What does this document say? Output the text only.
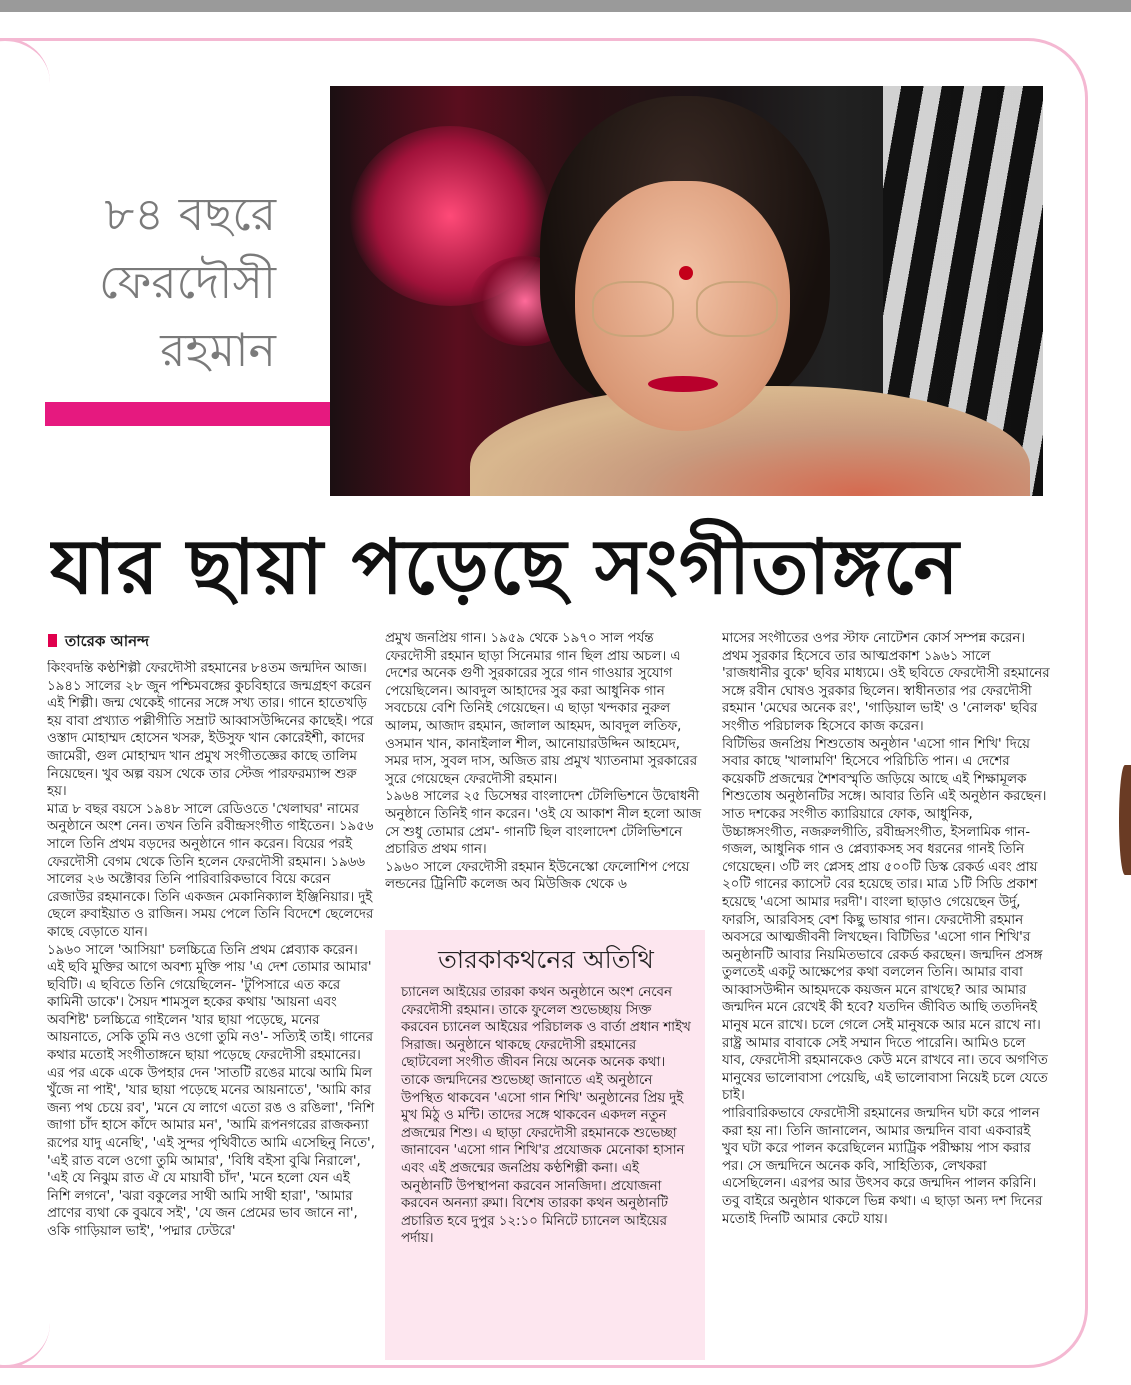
৮৪ বছরে
ফেরদৌসী
রহমান
যার ছায়া পড়েছে সংগীতাঙ্গনে
তারেক আনন্দ

কিংবদন্তি কণ্ঠশিল্পী ফেরদৌসী রহমানের ৮৪তম জন্মদিন আজ। ১৯৪১ সালের ২৮ জুন পশ্চিমবঙ্গের কুচবিহারে জন্মগ্রহণ করেন এই শিল্পী। জন্ম থেকেই গানের সঙ্গে সখ্য তার। গানে হাতেখড়ি হয় বাবা প্রখ্যাত পল্লীগীতি সম্রাট আব্বাসউদ্দিনের কাছেই। পরে ওস্তাদ মোহাম্মদ হোসেন খসরু, ইউসুফ খান কোরেইশী, কাদের জামেরী, গুল মোহাম্মদ খান প্রমুখ সংগীতজ্ঞের কাছে তালিম নিয়েছেন। খুব অল্প বয়স থেকে তার স্টেজ পারফরম্যান্স শুরু হয়।

মাত্র ৮ বছর বয়সে ১৯৪৮ সালে রেডিওতে 'খেলাঘর' নামের অনুষ্ঠানে অংশ নেন। তখন তিনি রবীন্দ্রসংগীত গাইতেন। ১৯৫৬ সালে তিনি প্রথম বড়দের অনুষ্ঠানে গান করেন। বিয়ের পরই ফেরদৌসী বেগম থেকে তিনি হলেন ফেরদৌসী রহমান। ১৯৬৬ সালের ২৬ অক্টোবর তিনি পারিবারিকভাবে বিয়ে করেন রেজাউর রহমানকে। তিনি একজন মেকানিক্যাল ইঞ্জিনিয়ার। দুই ছেলে রুবাইয়াত ও রাজিন। সময় পেলে তিনি বিদেশে ছেলেদের কাছে বেড়াতে যান।

১৯৬০ সালে 'আসিয়া' চলচ্চিত্রে তিনি প্রথম প্লেব্যাক করেন। এই ছবি মুক্তির আগে অবশ্য মুক্তি পায় 'এ দেশ তোমার আমার' ছবিটি। এ ছবিতে তিনি গেয়েছিলেন- 'টুপিসারে এত করে কামিনী ডাকে'। সৈয়দ শামসুল হকের কথায় 'আয়না এবং অবশিষ্ট' চলচ্চিত্রে গাইলেন 'যার ছায়া পড়েছে, মনের আয়নাতে, সেকি তুমি নও ওগো তুমি নও'- সত্যিই তাই। গানের কথার মতোই সংগীতাঙ্গনে ছায়া পড়েছে ফেরদৌসী রহমানের। এর পর একে একে উপহার দেন 'সাতটি রঙের মাঝে আমি মিল খুঁজে না পাই', 'যার ছায়া পড়েছে মনের আয়নাতে', 'আমি কার জন্য পথ চেয়ে রব', 'মনে যে লাগে এতো রঙ ও রঙিলা', 'নিশি জাগা চাঁদ হাসে কাঁদে আমার মন', 'আমি রূপনগরের রাজকন্যা রূপের যাদু এনেছি', 'এই সুন্দর পৃথিবীতে আমি এসেছিনু নিতে', 'এই রাত বলে ওগো তুমি আমার', 'বিধি বইসা বুঝি নিরালে', 'এই যে নিঝুম রাত ঐ যে মায়াবী চাঁদ', 'মনে হলো যেন এই নিশি লগনে', 'ঝরা বকুলের সাথী আমি সাথী হারা', 'আমার প্রাণের ব্যথা কে বুঝবে সই', 'যে জন প্রেমের ভাব জানে না', ওকি গাড়িয়াল ভাই', 'পদ্মার ঢেউরে'

প্রমুখ জনপ্রিয় গান। ১৯৫৯ থেকে ১৯৭০ সাল পর্যন্ত ফেরদৌসী রহমান ছাড়া সিনেমার গান ছিল প্রায় অচল। এ দেশের অনেক গুণী সুরকারের সুরে গান গাওয়ার সুযোগ পেয়েছিলেন। আবদুল আহাদের সুর করা আধুনিক গান সবচেয়ে বেশি তিনিই গেয়েছেন। এ ছাড়া খন্দকার নুরুল আলম, আজাদ রহমান, জালাল আহমদ, আবদুল লতিফ, ওসমান খান, কানাইলাল শীল, আনোয়ারউদ্দিন আহমেদ, সমর দাস, সুবল দাস, অজিত রায় প্রমুখ খ্যাতনামা সুরকারের সুরে গেয়েছেন ফেরদৌসী রহমান।

১৯৬৪ সালের ২৫ ডিসেম্বর বাংলাদেশ টেলিভিশনে উদ্বোধনী অনুষ্ঠানে তিনিই গান করেন। 'ওই যে আকাশ নীল হলো আজ সে শুধু তোমার প্রেম'- গানটি ছিল বাংলাদেশ টেলিভিশনে প্রচারিত প্রথম গান।

১৯৬০ সালে ফেরদৌসী রহমান ইউনেস্কো ফেলোশিপ পেয়ে লন্ডনের ট্রিনিটি কলেজ অব মিউজিক থেকে ৬

তারকাকথনের অতিথি
চ্যানেল আইয়ের তারকা কথন অনুষ্ঠানে অংশ নেবেন ফেরদৌসী রহমান। তাকে ফুলেল শুভেচ্ছায় সিক্ত করবেন চ্যানেল আইয়ের পরিচালক ও বার্তা প্রধান শাইখ সিরাজ। অনুষ্ঠানে থাকছে ফেরদৌসী রহমানের ছোটবেলা সংগীত জীবন নিয়ে অনেক অনেক কথা। তাকে জন্মদিনের শুভেচ্ছা জানাতে এই অনুষ্ঠানে উপস্থিত থাকবেন 'এসো গান শিখি' অনুষ্ঠানের প্রিয় দুই মুখ মিঠু ও মন্টি। তাদের সঙ্গে থাকবেন একদল নতুন প্রজন্মের শিশু। এ ছাড়া ফেরদৌসী রহমানকে শুভেচ্ছা জানাবেন 'এসো গান শিখি'র প্রযোজক মেনোকা হাসান এবং এই প্রজন্মের জনপ্রিয় কণ্ঠশিল্পী কনা। এই অনুষ্ঠানটি উপস্থাপনা করবেন সানজিদা। প্রযোজনা করবেন অনন্যা রুমা। বিশেষ তারকা কথন অনুষ্ঠানটি প্রচারিত হবে দুপুর ১২:১০ মিনিটে চ্যানেল আইয়ের পর্দায়।

মাসের সংগীতের ওপর স্টাফ নোটেশন কোর্স সম্পন্ন করেন। প্রথম সুরকার হিসেবে তার আত্মপ্রকাশ ১৯৬১ সালে 'রাজধানীর বুকে' ছবির মাধ্যমে। ওই ছবিতে ফেরদৌসী রহমানের সঙ্গে রবীন ঘোষও সুরকার ছিলেন। স্বাধীনতার পর ফেরদৌসী রহমান 'মেঘের অনেক রং', 'গাড়িয়াল ভাই' ও 'নোলক' ছবির সংগীত পরিচালক হিসেবে কাজ করেন।

বিটিভির জনপ্রিয় শিশুতোষ অনুষ্ঠান 'এসো গান শিখি' দিয়ে সবার কাছে 'খালামণি' হিসেবে পরিচিতি পান। এ দেশের কয়েকটি প্রজন্মের শৈশবস্মৃতি জড়িয়ে আছে এই শিক্ষামূলক শিশুতোষ অনুষ্ঠানটির সঙ্গে। আবার তিনি এই অনুষ্ঠান করছেন।

সাত দশকের সংগীত ক্যারিয়ারে ফোক, আধুনিক, উচ্চাঙ্গসংগীত, নজরুলগীতি, রবীন্দ্রসংগীত, ইসলামিক গান-গজল, আধুনিক গান ও প্লেব্যাকসহ সব ধরনের গানই তিনি গেয়েছেন। ৩টি লং প্লেসহ প্রায় ৫০০টি ডিস্ক রেকর্ড এবং প্রায় ২০টি গানের ক্যাসেট বের হয়েছে তার। মাত্র ১টি সিডি প্রকাশ হয়েছে 'এসো আমার দরদী'। বাংলা ছাড়াও গেয়েছেন উর্দু, ফারসি, আরবিসহ বেশ কিছু ভাষার গান। ফেরদৌসী রহমান অবসরে আত্মজীবনী লিখছেন। বিটিভির 'এসো গান শিখি'র অনুষ্ঠানটি আবার নিয়মিতভাবে রেকর্ড করছেন। জন্মদিন প্রসঙ্গ তুলতেই একটু আক্ষেপের কথা বললেন তিনি। আমার বাবা আব্বাসউদ্দীন আহমদকে কয়জন মনে রাখছে? আর আমার জন্মদিন মনে রেখেই কী হবে? যতদিন জীবিত আছি ততদিনই মানুষ মনে রাখে। চলে গেলে সেই মানুষকে আর মনে রাখে না। রাষ্ট্র আমার বাবাকে সেই সম্মান দিতে পারেনি। আমিও চলে যাব, ফেরদৌসী রহমানকেও কেউ মনে রাখবে না। তবে অগণিত মানুষের ভালোবাসা পেয়েছি, এই ভালোবাসা নিয়েই চলে যেতে চাই।

পারিবারিকভাবে ফেরদৌসী রহমানের জন্মদিন ঘটা করে পালন করা হয় না। তিনি জানালেন, আমার জন্মদিন বাবা একবারই খুব ঘটা করে পালন করেছিলেন ম্যাট্রিক পরীক্ষায় পাস করার পর। সে জন্মদিনে অনেক কবি, সাহিত্যিক, লেখকরা এসেছিলেন। এরপর আর উৎসব করে জন্মদিন পালন করিনি। তবু বাইরে অনুষ্ঠান থাকলে ভিন্ন কথা। এ ছাড়া অন্য দশ দিনের মতোই দিনটি আমার কেটে যায়।
